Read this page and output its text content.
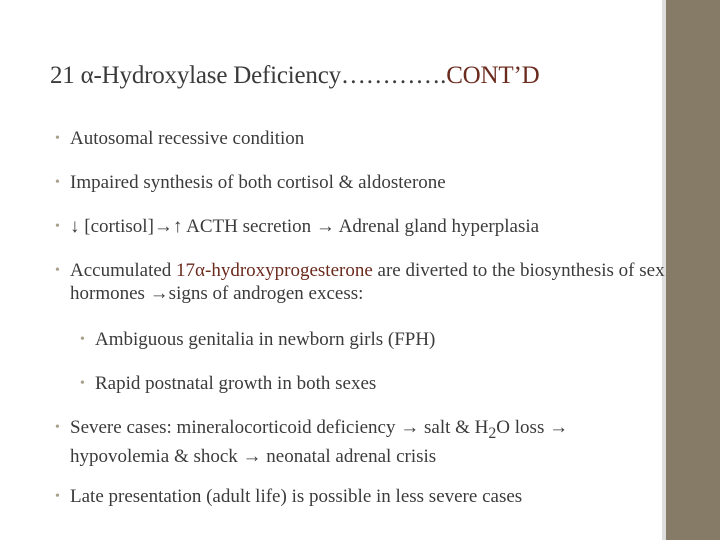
21 α-Hydroxylase Deficiency………….CONT’D
• Autosomal recessive condition
• Impaired synthesis of both cortisol & aldosterone
• ↓ [cortisol]→↑ ACTH secretion → Adrenal gland hyperplasia
• Accumulated 17α-hydroxyprogesterone are diverted to the biosynthesis of sex hormones →signs of androgen excess:
• Ambiguous genitalia in newborn girls (FPH)
• Rapid postnatal growth in both sexes
• Severe cases: mineralocorticoid deficiency → salt & $H_2O$ loss → hypovolemia & shock → neonatal adrenal crisis
• Late presentation (adult life) is possible in less severe cases
